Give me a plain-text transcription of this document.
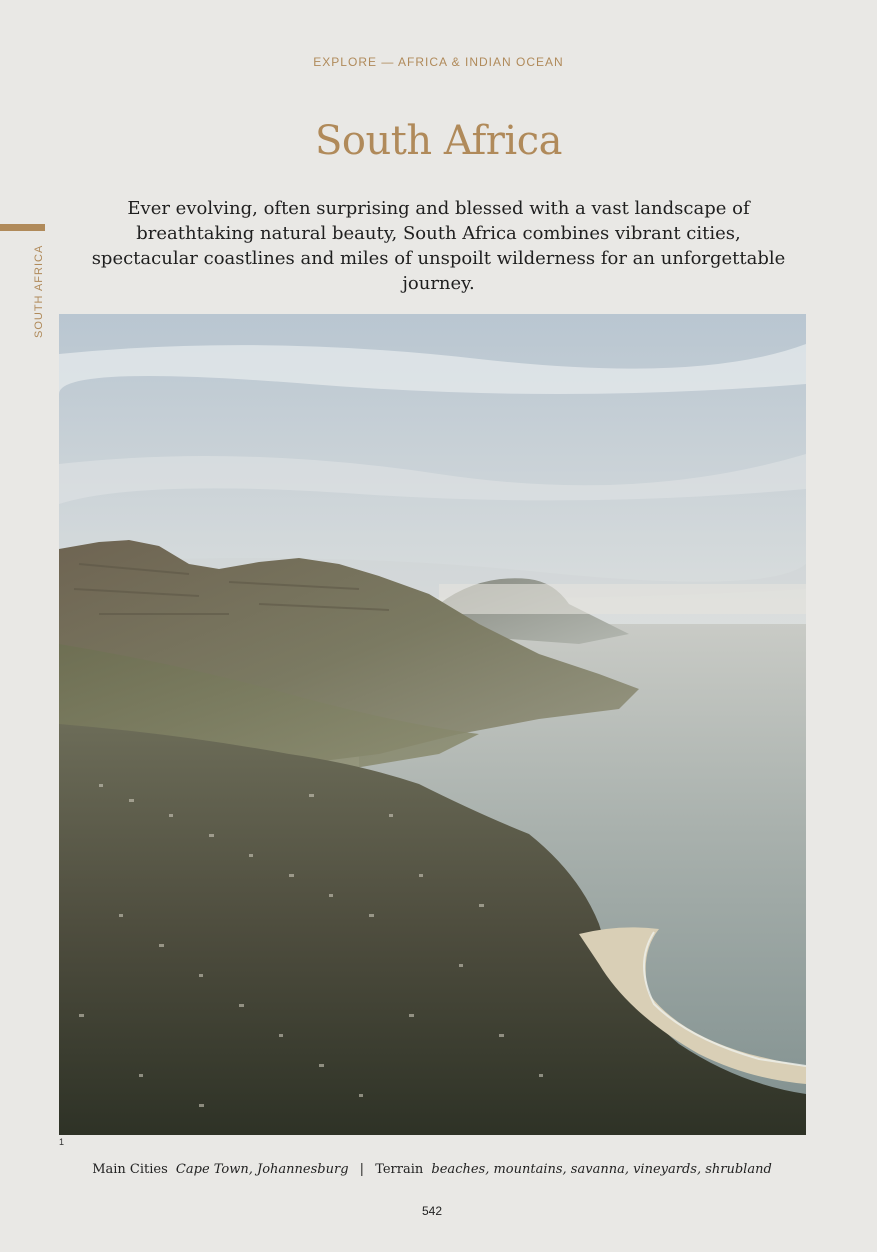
EXPLORE — AFRICA & INDIAN OCEAN
South Africa

Ever evolving, often surprising and blessed with a vast landscape of breathtaking natural beauty, South Africa combines vibrant cities, spectacular coastlines and miles of unspoilt wilderness for an unforgettable journey.

SOUTH AFRICA
1
Main Cities Cape Town, Johannesburg | Terrain beaches, mountains, savanna, vineyards, shrubland
542
